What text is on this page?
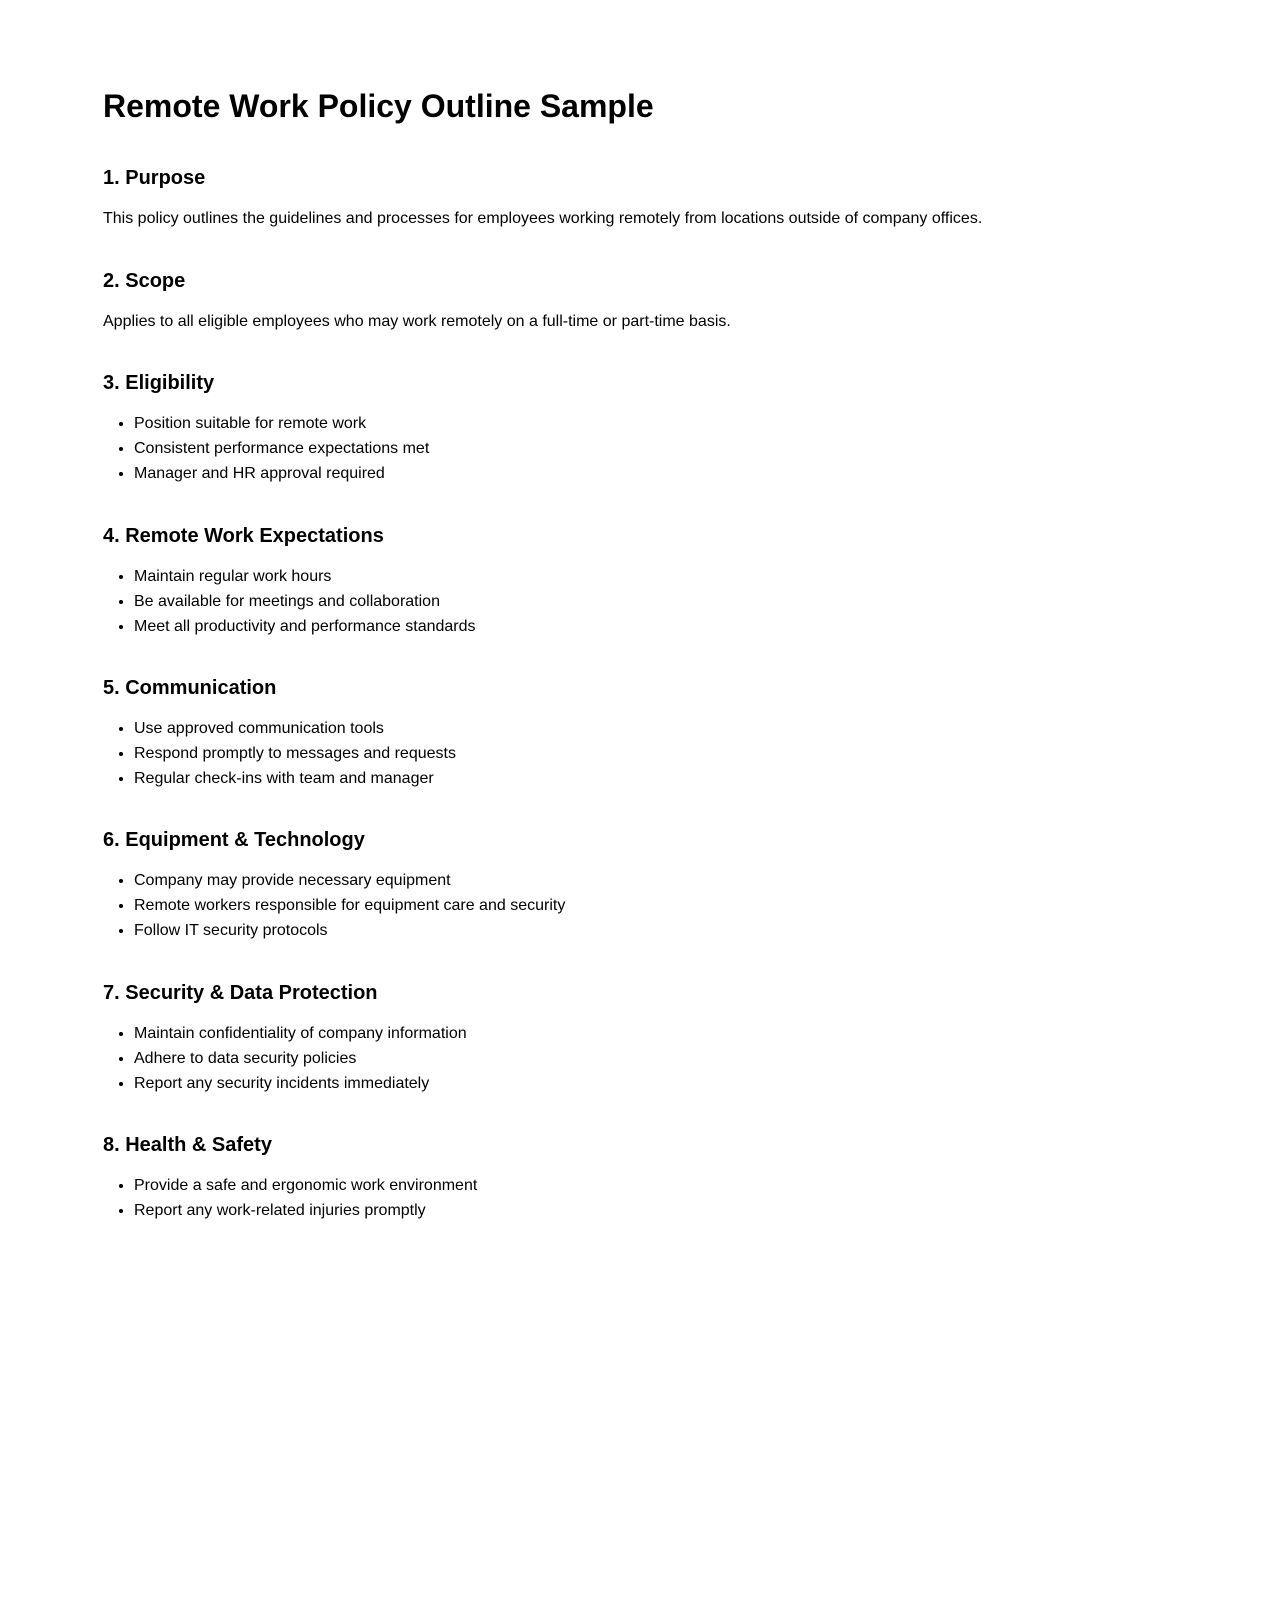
Remote Work Policy Outline Sample
1. Purpose

This policy outlines the guidelines and processes for employees working remotely from locations outside of company offices.

2. Scope

Applies to all eligible employees who may work remotely on a full-time or part-time basis.

3. Eligibility
• Position suitable for remote work
• Consistent performance expectations met
• Manager and HR approval required
4. Remote Work Expectations
• Maintain regular work hours
• Be available for meetings and collaboration
• Meet all productivity and performance standards
5. Communication
• Use approved communication tools
• Respond promptly to messages and requests
• Regular check-ins with team and manager
6. Equipment & Technology
• Company may provide necessary equipment
• Remote workers responsible for equipment care and security
• Follow IT security protocols
7. Security & Data Protection
• Maintain confidentiality of company information
• Adhere to data security policies
• Report any security incidents immediately
8. Health & Safety
• Provide a safe and ergonomic work environment
• Report any work-related injuries promptly
